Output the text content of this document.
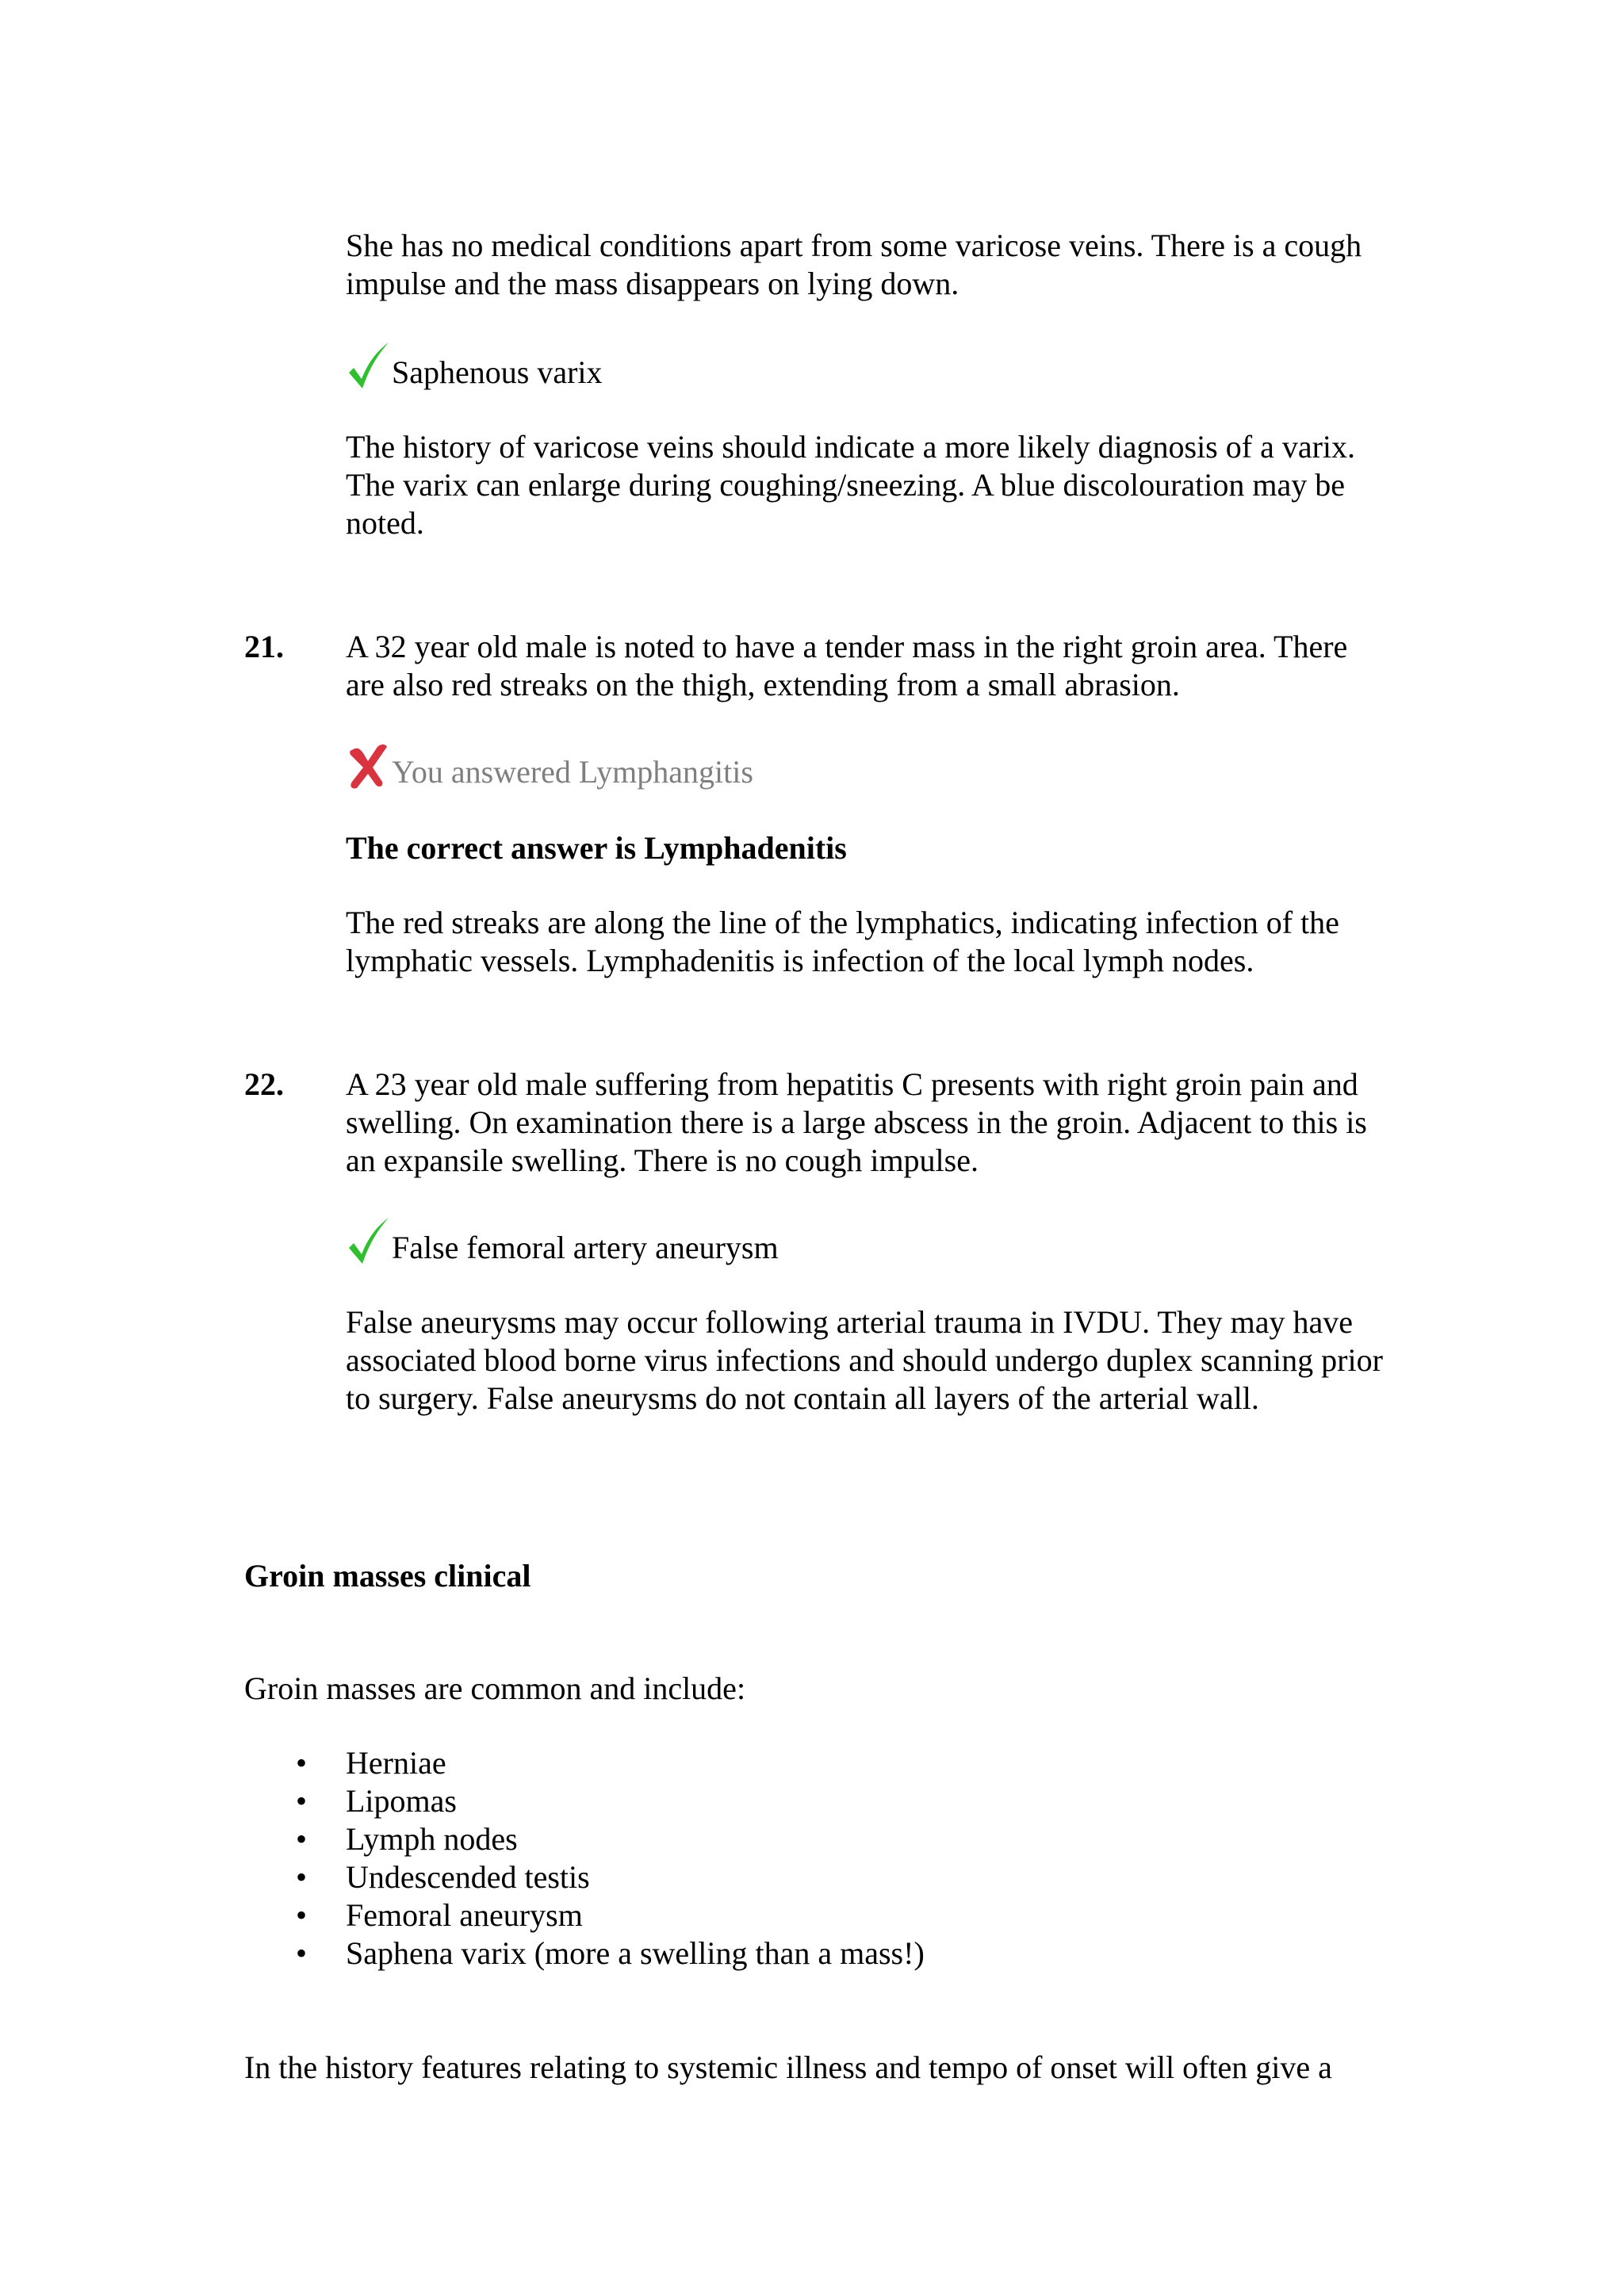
She has no medical conditions apart from some varicose veins. There is a cough impulse and the mass disappears on lying down.

Saphenous varix

The history of varicose veins should indicate a more likely diagnosis of a varix. The varix can enlarge during coughing/sneezing. A blue discolouration may be noted.

21. A 32 year old male is noted to have a tender mass in the right groin area. There are also red streaks on the thigh, extending from a small abrasion.

You answered Lymphangitis

The correct answer is Lymphadenitis

The red streaks are along the line of the lymphatics, indicating infection of the lymphatic vessels. Lymphadenitis is infection of the local lymph nodes.

22. A 23 year old male suffering from hepatitis C presents with right groin pain and swelling. On examination there is a large abscess in the groin. Adjacent to this is an expansile swelling. There is no cough impulse.

False femoral artery aneurysm

False aneurysms may occur following arterial trauma in IVDU. They may have associated blood borne virus infections and should undergo duplex scanning prior to surgery. False aneurysms do not contain all layers of the arterial wall.

Groin masses clinical

Groin masses are common and include:

• Herniae
• Lipomas
• Lymph nodes
• Undescended testis
• Femoral aneurysm
• Saphena varix (more a swelling than a mass!)

In the history features relating to systemic illness and tempo of onset will often give a
